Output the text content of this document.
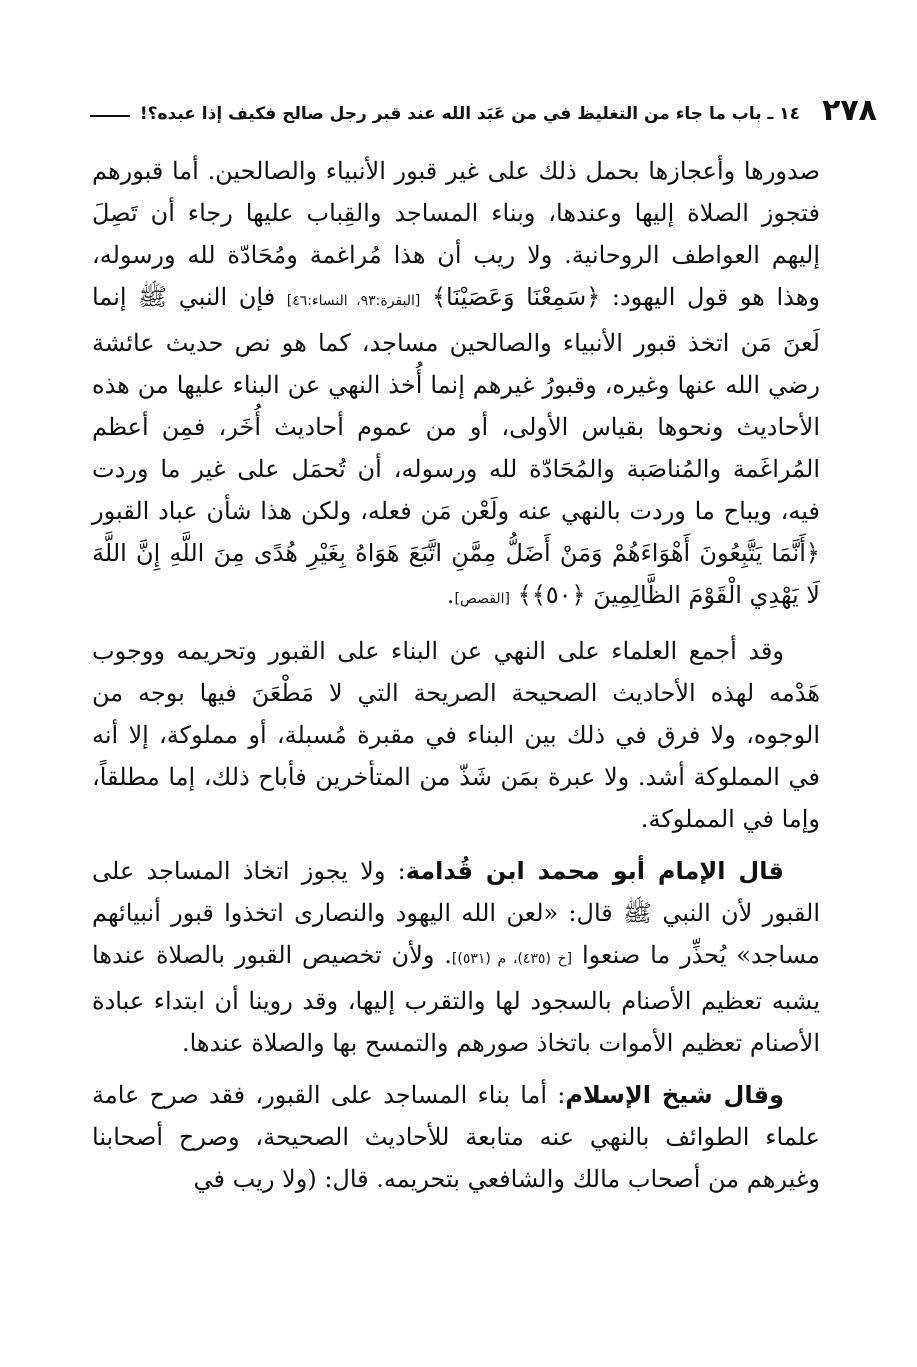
٢٧٨
١٤ ـ باب ما جاء من التغليظ في من عَبَد الله عند قبر رجل صالح فكيف إذا عبده؟!

صدورها وأعجازها بحمل ذلك على غير قبور الأنبياء والصالحين. أما قبورهم فتجوز الصلاة إليها وعندها، وبناء المساجد والقِباب عليها رجاء أن تَصِلَ إليهم العواطف الروحانية. ولا ريب أن هذا مُراغمة ومُحَادّة لله ورسوله، وهذا هو قول اليهود: ﴿سَمِعْنَا وَعَصَيْنَا﴾ [البقرة:٩٣، النساء:٤٦] فإن النبي ﷺ إنما لَعنَ مَن اتخذ قبور الأنبياء والصالحين مساجد، كما هو نص حديث عائشة رضي الله عنها وغيره، وقبورُ غيرهم إنما أُخذ النهي عن البناء عليها من هذه الأحاديث ونحوها بقياس الأولى، أو من عموم أحاديث أُخَر، فمِن أعظم المُراغَمة والمُناصَبة والمُحَادّة لله ورسوله، أن تُحمَل على غير ما وردت فيه، ويباح ما وردت بالنهي عنه ولَعْن مَن فعله، ولكن هذا شأن عباد القبور ﴿أَنَّمَا يَتَّبِعُونَ أَهْوَاءَهُمْ وَمَنْ أَضَلُّ مِمَّنِ اتَّبَعَ هَوَاهُ بِغَيْرِ هُدًى مِنَ اللَّهِ إِنَّ اللَّهَ لَا يَهْدِي الْقَوْمَ الظَّالِمِينَ ﴿٥٠﴾﴾ [القصص].

وقد أجمع العلماء على النهي عن البناء على القبور وتحريمه ووجوب هَدْمه لهذه الأحاديث الصحيحة الصريحة التي لا مَطْعَنَ فيها بوجه من الوجوه، ولا فرق في ذلك بين البناء في مقبرة مُسبلة، أو مملوكة، إلا أنه في المملوكة أشد. ولا عبرة بمَن شَذّ من المتأخرين فأباح ذلك، إما مطلقاً، وإما في المملوكة.

قال الإمام أبو محمد ابن قُدامة: ولا يجوز اتخاذ المساجد على القبور لأن النبي ﷺ قال: «لعن الله اليهود والنصارى اتخذوا قبور أنبيائهم مساجد» يُحذِّر ما صنعوا [خ (٤٣٥)، م (٥٣١)]. ولأن تخصيص القبور بالصلاة عندها يشبه تعظيم الأصنام بالسجود لها والتقرب إليها، وقد روينا أن ابتداء عبادة الأصنام تعظيم الأموات باتخاذ صورهم والتمسح بها والصلاة عندها.

وقال شيخ الإسلام: أما بناء المساجد على القبور، فقد صرح عامة علماء الطوائف بالنهي عنه متابعة للأحاديث الصحيحة، وصرح أصحابنا وغيرهم من أصحاب مالك والشافعي بتحريمه. قال: (ولا ريب في
